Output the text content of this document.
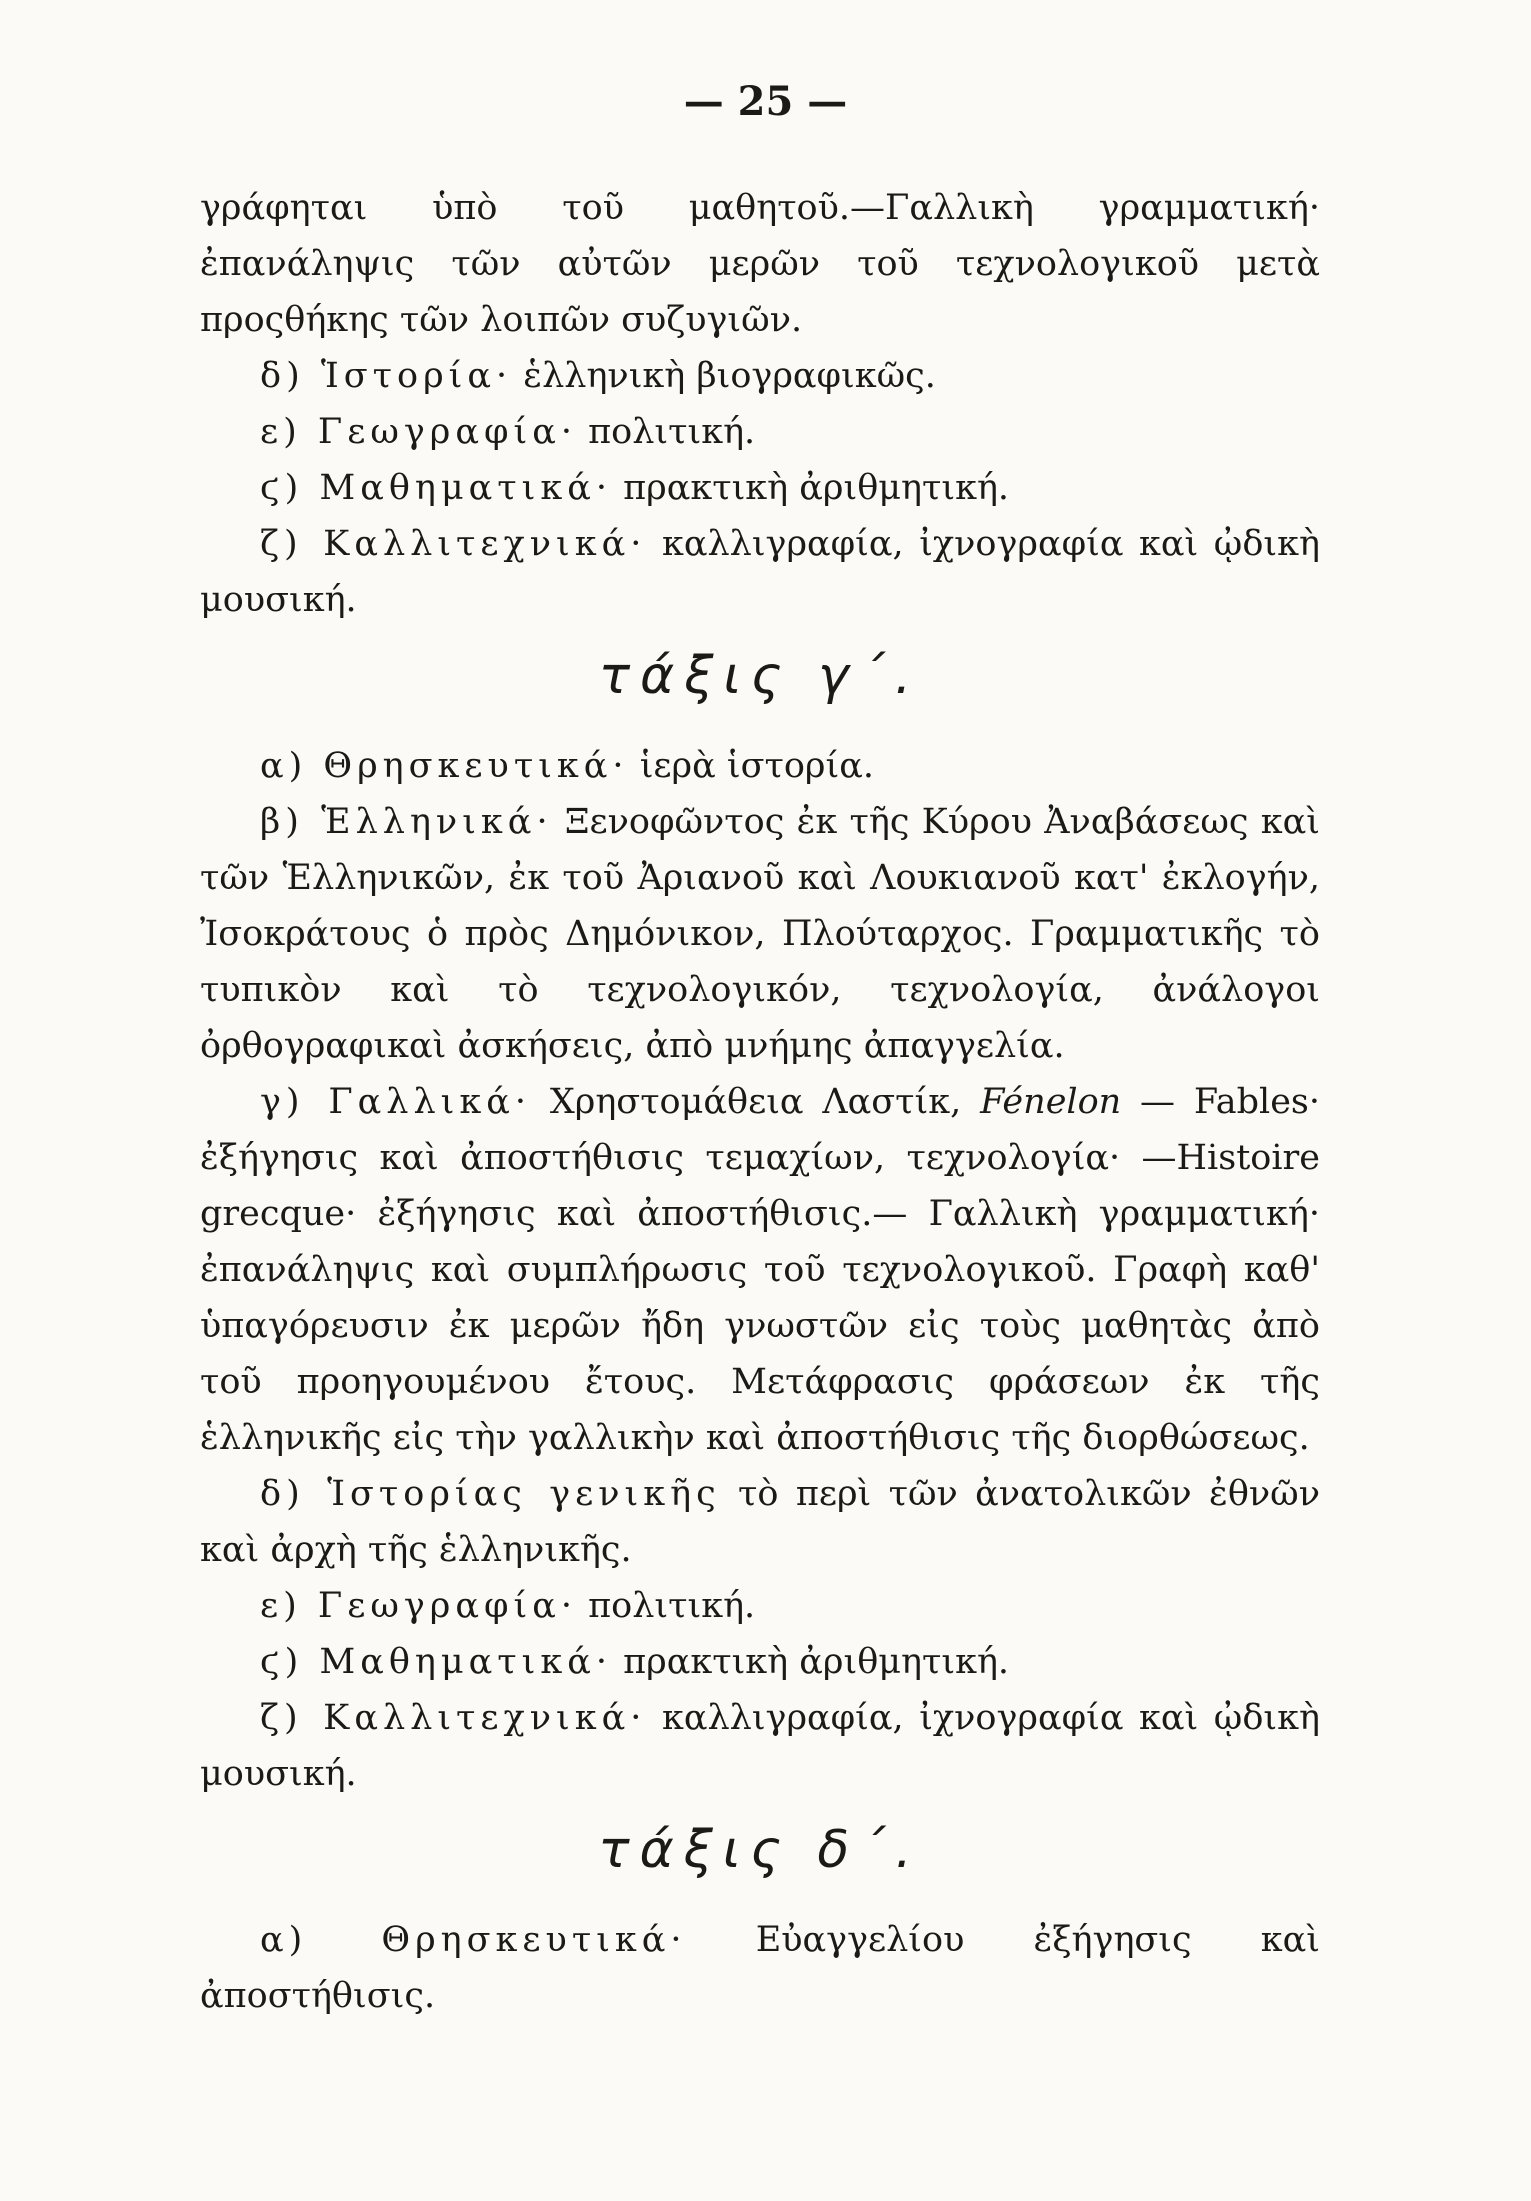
— 25 —

γράφηται ὑπὸ τοῦ μαθητοῦ.—Γαλλικὴ γραμματική· ἐπανάληψις τῶν αὐτῶν μερῶν τοῦ τεχνολογικοῦ μετὰ προςθήκης τῶν λοιπῶν συζυγιῶν.

δ) Ἱστορία· ἑλληνικὴ βιογραφικῶς.

ε) Γεωγραφία· πολιτική.

ϛ) Μαθηματικά· πρακτικὴ ἀριθμητική.

ζ) Καλλιτεχνικά· καλλιγραφία, ἰχνογραφία καὶ ᾠδικὴ μουσική.

τάξις γ΄.

α) Θρησκευτικά· ἱερὰ ἱστορία.

β) Ἑλληνικά· Ξενοφῶντος ἐκ τῆς Κύρου Ἀναβάσεως καὶ τῶν Ἑλληνικῶν, ἐκ τοῦ Ἀριανοῦ καὶ Λουκιανοῦ κατ' ἐκλογήν, Ἰσοκράτους ὁ πρὸς Δημόνικον, Πλούταρχος. Γραμματικῆς τὸ τυπικὸν καὶ τὸ τεχνολογικόν, τεχνολογία, ἀνάλογοι ὀρθογραφικαὶ ἀσκήσεις, ἀπὸ μνήμης ἀπαγγελία.

γ) Γαλλικά· Χρηστομάθεια Λαστίκ, Fénelon — Fables· ἐξήγησις καὶ ἀποστήθισις τεμαχίων, τεχνολογία· —Histoire grecque· ἐξήγησις καὶ ἀποστήθισις.— Γαλλικὴ γραμματική· ἐπανάληψις καὶ συμπλήρωσις τοῦ τεχνολογικοῦ. Γραφὴ καθ' ὑπαγόρευσιν ἐκ μερῶν ἤδη γνωστῶν εἰς τοὺς μαθητὰς ἀπὸ τοῦ προηγουμένου ἔτους. Μετάφρασις φράσεων ἐκ τῆς ἑλληνικῆς εἰς τὴν γαλλικὴν καὶ ἀποστήθισις τῆς διορθώσεως.

δ) Ἱστορίας γενικῆς τὸ περὶ τῶν ἀνατολικῶν ἐθνῶν καὶ ἀρχὴ τῆς ἑλληνικῆς.

ε) Γεωγραφία· πολιτική.

ϛ) Μαθηματικά· πρακτικὴ ἀριθμητική.

ζ) Καλλιτεχνικά· καλλιγραφία, ἰχνογραφία καὶ ᾠδικὴ μουσική.

τάξις δ΄.

α) Θρησκευτικά· Εὐαγγελίου ἐξήγησις καὶ ἀποστήθισις.
